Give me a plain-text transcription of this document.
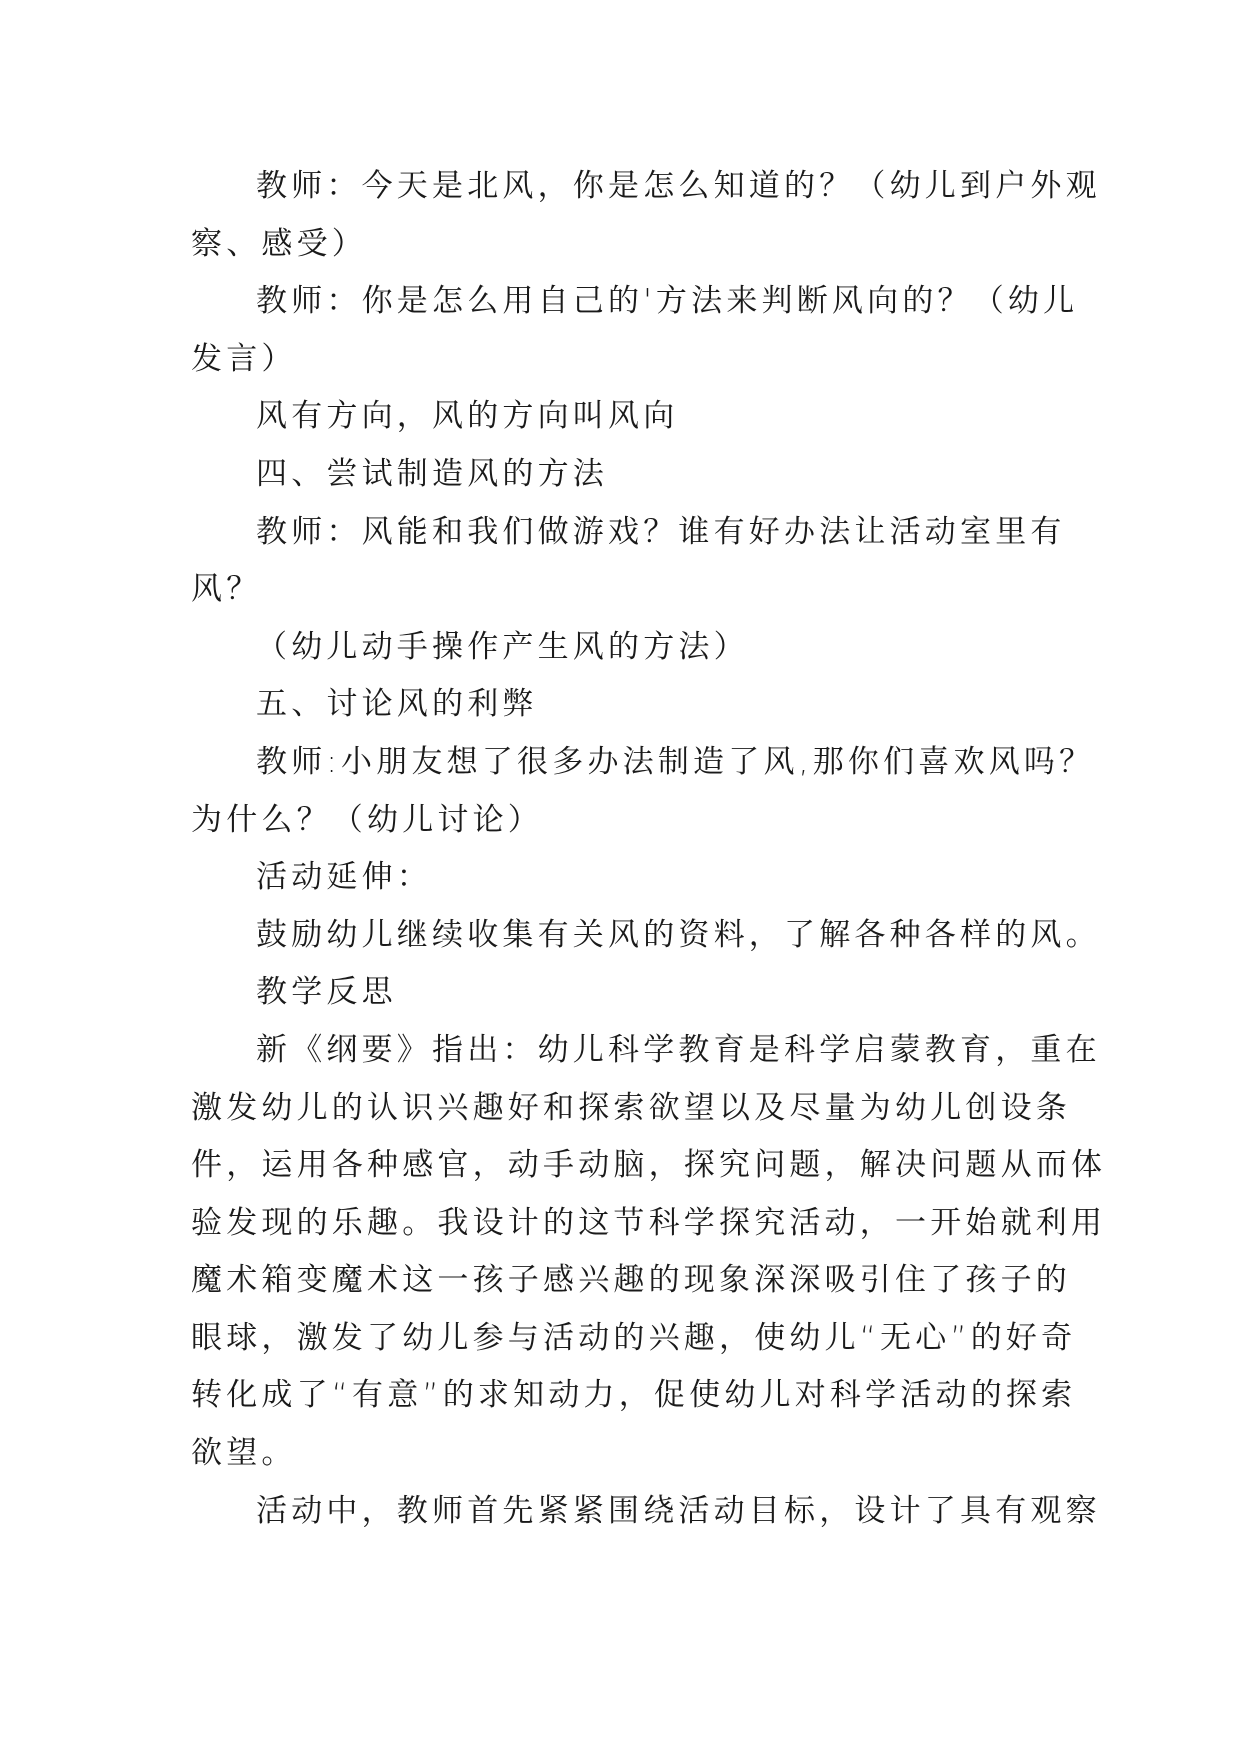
教师：今天是北风，你是怎么知道的？（幼儿到户外观
察、感受）
教师：你是怎么用自己的'方法来判断风向的？（幼儿
发言）
风有方向，风的方向叫风向
四、尝试制造风的方法
教师：风能和我们做游戏？谁有好办法让活动室里有
风？
（幼儿动手操作产生风的方法）
五、讨论风的利弊
教师:小朋友想了很多办法制造了风,那你们喜欢风吗？
为什么？（幼儿讨论）
活动延伸：
鼓励幼儿继续收集有关风的资料，了解各种各样的风。
教学反思
新《纲要》指出：幼儿科学教育是科学启蒙教育，重在
激发幼儿的认识兴趣好和探索欲望以及尽量为幼儿创设条
件，运用各种感官，动手动脑，探究问题，解决问题从而体
验发现的乐趣。我设计的这节科学探究活动，一开始就利用
魔术箱变魔术这一孩子感兴趣的现象深深吸引住了孩子的
眼球，激发了幼儿参与活动的兴趣，使幼儿“无心”的好奇
转化成了“有意”的求知动力，促使幼儿对科学活动的探索
欲望。
活动中，教师首先紧紧围绕活动目标，设计了具有观察
